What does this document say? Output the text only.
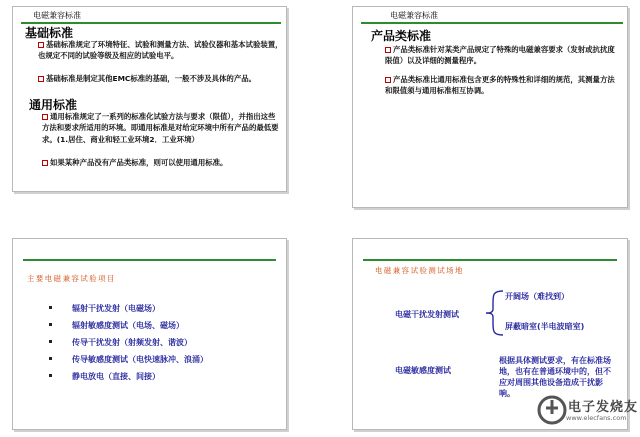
电磁兼容标准
基础标准
基础标准规定了环境特征、试验和测量方法、试验仪器和基本试验装置，也规定不同的试验等级及相应的试验电平。
基础标准是制定其他EMC标准的基础，一般不涉及具体的产品。
通用标准
通用标准规定了一系列的标准化试验方法与要求（限值），并指出这些方法和要求所适用的环境。即通用标准是对给定环境中所有产品的最低要求。(1.居住、商业和轻工业环境2．工业环境）
如果某种产品没有产品类标准，则可以使用通用标准。
电磁兼容标准
产品类标准
产品类标准针对某类产品规定了特殊的电磁兼容要求（发射或抗扰度限值）以及详细的测量程序。
产品类标准比通用标准包含更多的特殊性和详细的规范，其测量方法和限值须与通用标准相互协调。
主要电磁兼容试验项目
辐射干扰发射（电磁场）
辐射敏感度测试（电场、磁场）
传导干扰发射（射频发射、谐波）
传导敏感度测试（电快速脉冲、浪涌）
静电放电（直接、间接）
电磁兼容试验测试场地
电磁干扰发射测试
开阔场（难找到）
屏蔽暗室(半电波暗室)
电磁敏感度测试
根据具体测试要求，有在标准场地，也有在普通环境中的，但不应对周围其他设备造成干扰影响。
电子发烧友
www.elecfans.com
